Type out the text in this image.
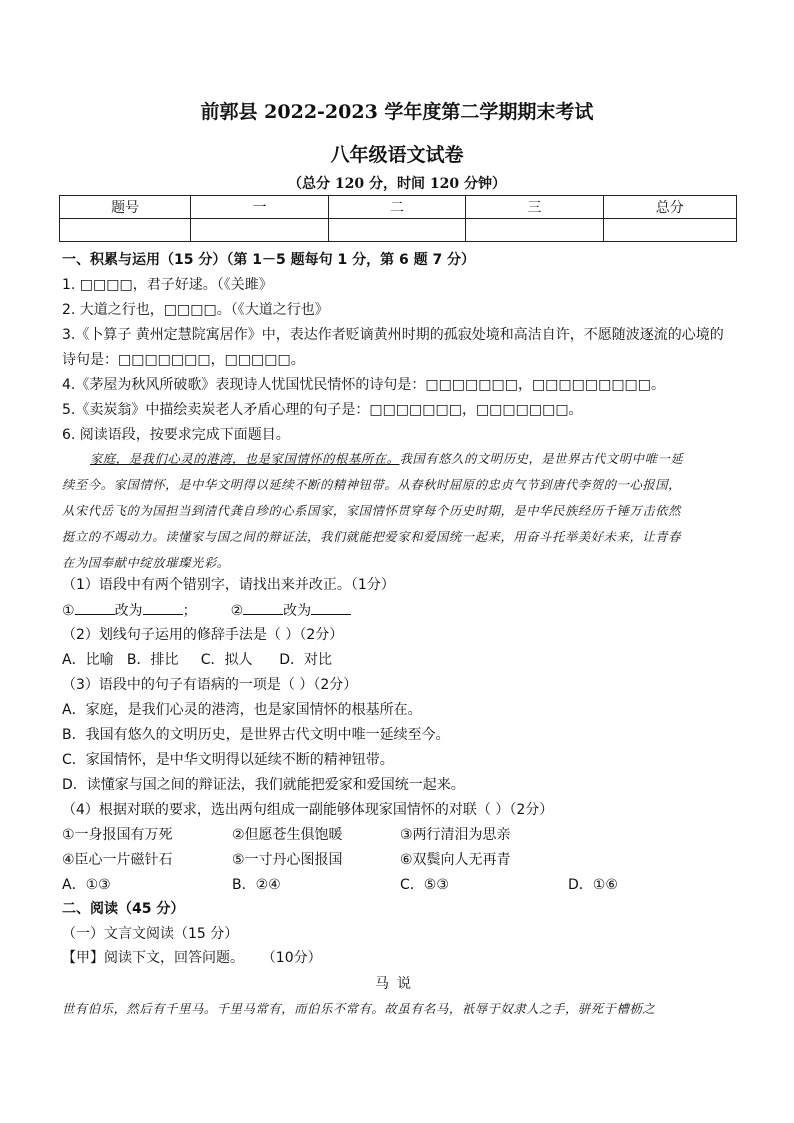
前郭县 2022-2023 学年度第二学期期末考试
八年级语文试卷
（总分 120 分，时间 120 分钟）
题号	一	二	三	总分

一、积累与运用（15 分）（第 1－5 题每句 1 分，第 6 题 7 分）
1. □□□□，君子好逑。（《关雎》
2. 大道之行也，□□□□。（《大道之行也》
3.《卜算子 黄州定慧院寓居作》中，表达作者贬谪黄州时期的孤寂处境和高洁自许，不愿随波逐流的心境的
诗句是：□□□□□□□，□□□□□。
4.《茅屋为秋风所破歌》表现诗人忧国忧民情怀的诗句是：□□□□□□□，□□□□□□□□□。
5.《卖炭翁》中描绘卖炭老人矛盾心理的句子是：□□□□□□□，□□□□□□□。
6. 阅读语段，按要求完成下面题目。
家庭，是我们心灵的港湾，也是家国情怀的根基所在。我国有悠久的文明历史，是世界古代文明中唯一延
续至今。家国情怀，是中华文明得以延续不断的精神钮带。从春秋时屈原的忠贞气节到唐代李贺的一心报国，
从宋代岳飞的为国担当到清代龚自珍的心系国家，家国情怀贯穿每个历史时期，是中华民族经历千锤万击依然
挺立的不竭动力。读懂家与国之间的辩证法，我们就能把爱家和爱国统一起来，用奋斗托举美好未来，让青春
在为国奉献中绽放璀璨光彩。
（1）语段中有两个错别字，请找出来并改正。（1分）
①	改为	； ②	改为
（2）划线句子运用的修辞手法是（ ）（2分）
A．比喻   B．排比     C．拟人      D．对比
（3）语段中的句子有语病的一项是（ ）（2分）
A．家庭，是我们心灵的港湾，也是家国情怀的根基所在。
B．我国有悠久的文明历史，是世界古代文明中唯一延续至今。
C．家国情怀，是中华文明得以延续不断的精神钮带。
D．读懂家与国之间的辩证法，我们就能把爱家和爱国统一起来。
（4）根据对联的要求，选出两句组成一副能够体现家国情怀的对联（ ）（2分）
①一身报国有万死	②但愿苍生俱饱暖	③两行清泪为思亲
④臣心一片磁针石	⑤一寸丹心图报国	⑥双鬓向人无再青
A．①③	B．②④	C．⑤③	D．①⑥
二、阅读（45 分）
（一）文言文阅读（15 分）
【甲】阅读下文，回答问题。    （10分）
马说
世有伯乐，然后有千里马。千里马常有，而伯乐不常有。故虽有名马，祇辱于奴隶人之手，骈死于槽枥之
